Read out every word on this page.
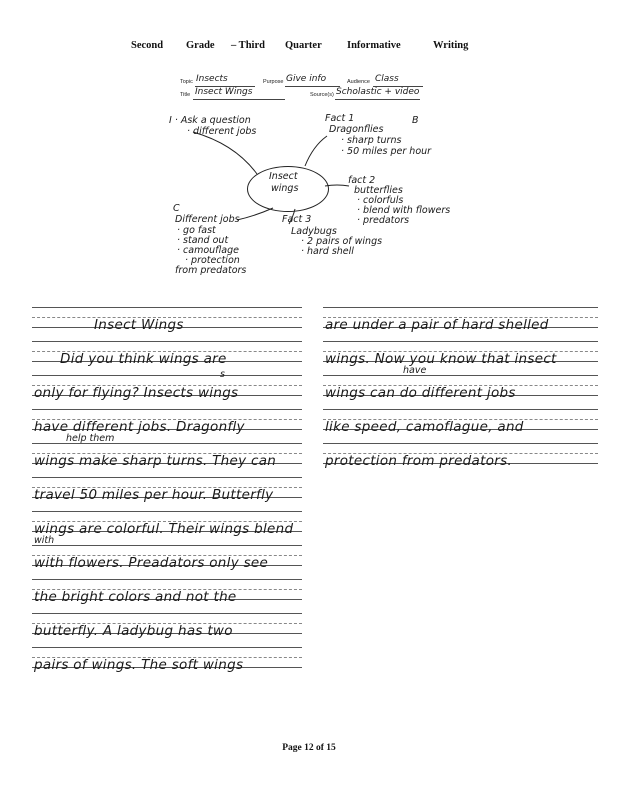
Second Grade – Third Quarter Informative	Writing
Topic Insects	Purpose Give info	Audience Class
Title Insect Wings	Source(s) Scholastic + video
Insect
wings
I · Ask a question
· different jobs
Fact 1
Dragonflies
· sharp turns
· 50 miles per hour
B
fact 2
butterflies
· colorfuls
· blend with flowers
· predators
Fact 3
Ladybugs
· 2 pairs of wings
· hard shell
C
Different jobs
· go fast
· stand out
· camouflage
· protection
from predators
Insect Wings
Did you think wings are
only for flying? Insects wings
s
have different jobs. Dragonfly
wings make sharp turns. They can
help them
travel 50 miles per hour. Butterfly
wings are colorful. Their wings blend
with flowers. Preadators only see
with
the bright colors and not the
butterfly. A ladybug has two
pairs of wings. The soft wings
are under a pair of hard shelled
wings. Now you know that insect
wings can do different jobs
have
like speed, camoflague, and
protection from predators.
Page 12 of 15
